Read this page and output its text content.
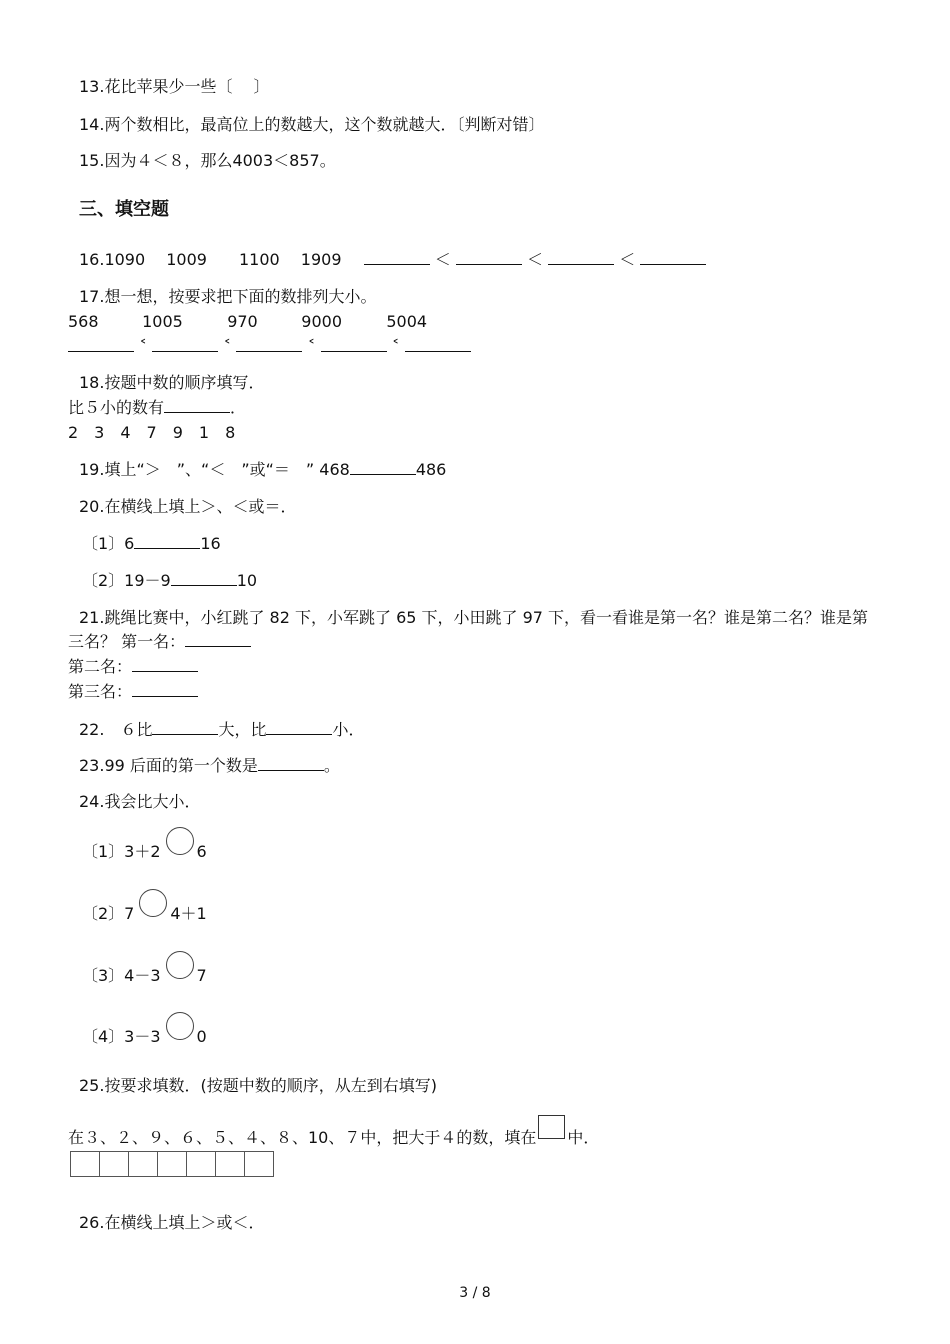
13.花比苹果少一些〔　 〕
14.两个数相比，最高位上的数越大，这个数就越大．〔判断对错〕
15.因为４＜８，那么4003＜857。
三、填空题
16.1090　 1009　　1100　 1909	＜	＜	＜
17.想一想，按要求把下面的数排列大小。
568	1005	970	9000	5004
˂	˂	˂	˂
18.按题中数的顺序填写．
比５小的数有	．
2　3　4　7　9　1　8
19.填上“＞　”、“＜　”或“＝　” 468	486
20.在横线上填上＞、＜或＝．
〔1〕6	16
〔2〕19－9	10
21.跳绳比赛中，小红跳了 82 下，小军跳了 65 下，小田跳了 97 下，看一看谁是第一名？谁是第二名？谁是第
三名？ 第一名：
第二名：
第三名：
22.　６比	大，比	小．
23.99 后面的第一个数是	。
24.我会比大小．
〔1〕3＋2 6
〔2〕7 4＋1
〔3〕4－3 7
〔4〕3－3 0
25.按要求填数．(按题中数的顺序，从左到右填写)
在３、２、９、６、５、４、８、10、７中，把大于４的数，填在 中．
26.在横线上填上＞或＜．
3 / 8
